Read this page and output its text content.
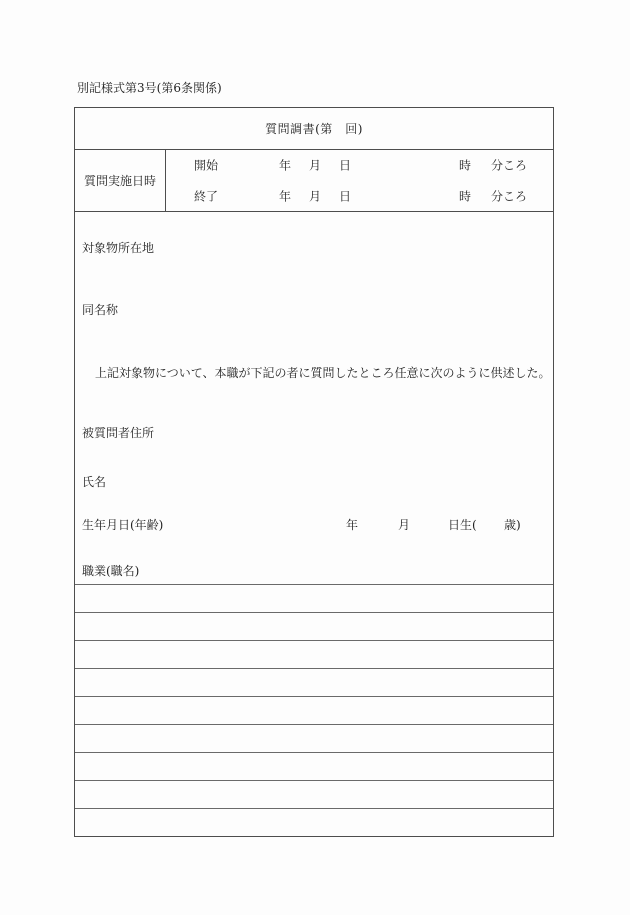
別記様式第3号(第6条関係)
質問調書(第　回)
質問実施日時
開始	年 月 日	時 分ころ
終了	年 月 日	時 分ころ
対象物所在地
同名称
上記対象物について、本職が下記の者に質問したところ任意に次のように供述した。
被質問者住所
氏名
生年月日(年齢)	年	月	日生( 歳)
職業(職名)
